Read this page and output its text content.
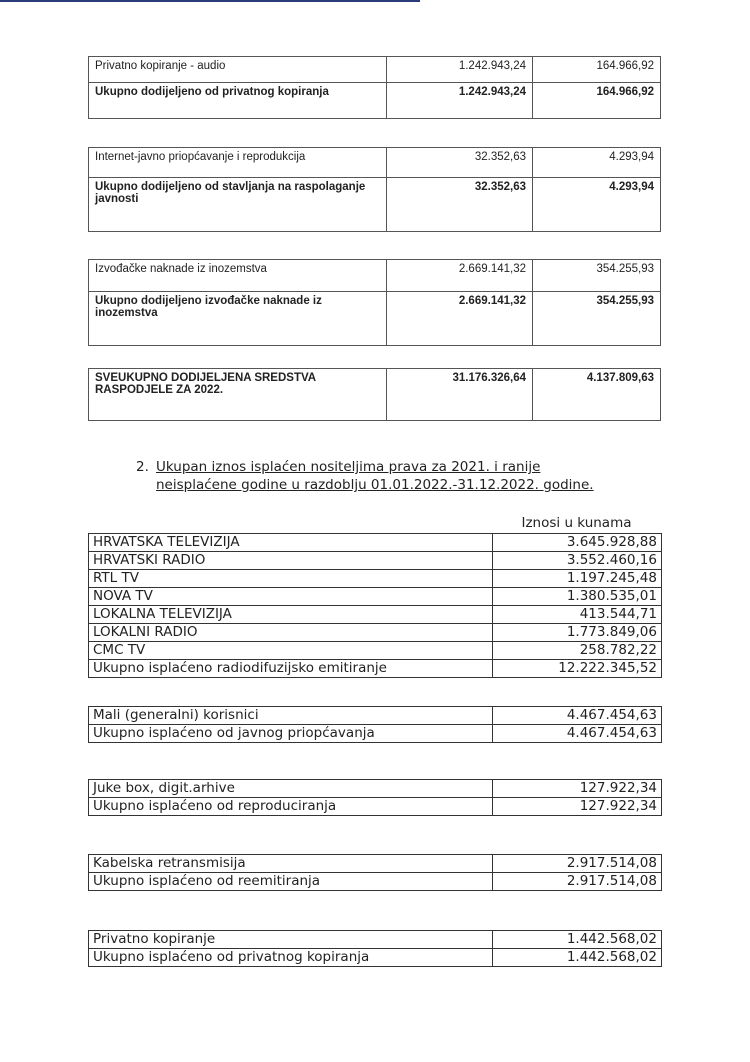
Privatno kopiranje - audio	1.242.943,24	164.966,92
Ukupno dodijeljeno od privatnog kopiranja	1.242.943,24	164.966,92
Internet-javno priopćavanje i reprodukcija	32.352,63	4.293,94
Ukupno dodijeljeno od stavljanja na raspolaganje javnosti	32.352,63	4.293,94
Izvođačke naknade iz inozemstva	2.669.141,32	354.255,93
Ukupno dodijeljeno izvođačke naknade iz inozemstva	2.669.141,32	354.255,93
SVEUKUPNO DODIJELJENA SREDSTVA RASPODJELE ZA 2022.	31.176.326,64	4.137.809,63
2. Ukupan iznos isplaćen nositeljima prava za 2021. i ranije
neisplaćene godine u razdoblju 01.01.2022.-31.12.2022. godine.
Iznosi u kunama
HRVATSKA TELEVIZIJA	3.645.928,88
HRVATSKI RADIO	3.552.460,16
RTL TV	1.197.245,48
NOVA TV	1.380.535,01
LOKALNA TELEVIZIJA	413.544,71
LOKALNI RADIO	1.773.849,06
CMC TV	258.782,22
Ukupno isplaćeno radiodifuzijsko emitiranje	12.222.345,52
Mali (generalni) korisnici	4.467.454,63
Ukupno isplaćeno od javnog priopćavanja	4.467.454,63
Juke box, digit.arhive	127.922,34
Ukupno isplaćeno od reproduciranja	127.922,34
Kabelska retransmisija	2.917.514,08
Ukupno isplaćeno od reemitiranja	2.917.514,08
Privatno kopiranje	1.442.568,02
Ukupno isplaćeno od privatnog kopiranja	1.442.568,02
